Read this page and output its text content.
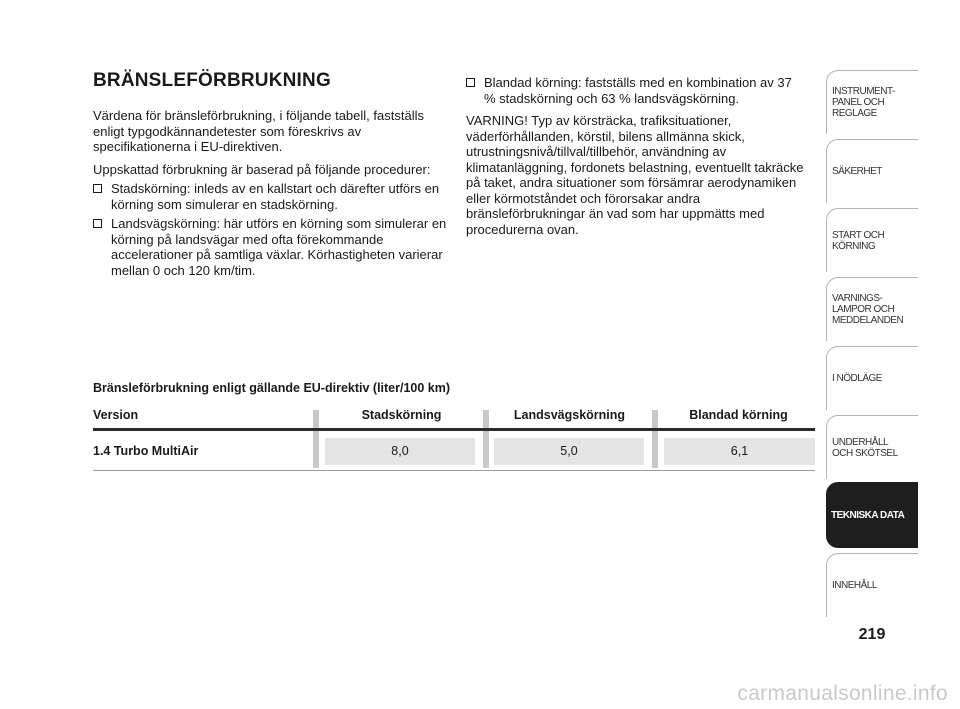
BRÄNSLEFÖRBRUKNING

Värdena för bränsleförbrukning, i följande tabell, fastställs enligt typgodkännandetester som föreskrivs av specifikationerna i EU-direktiven.

Uppskattad förbrukning är baserad på följande procedurer:

Stadskörning: inleds av en kallstart och därefter utförs en körning som simulerar en stadskörning.
Landsvägskörning: här utförs en körning som simulerar en körning på landsvägar med ofta förekommande accelerationer på samtliga växlar. Körhastigheten varierar mellan 0 och 120 km/tim.
Blandad körning: fastställs med en kombination av 37 % stadskörning och 63 % landsvägskörning.

VARNING! Typ av körsträcka, trafiksituationer, väderförhållanden, körstil, bilens allmänna skick, utrustningsnivå/tillval/tillbehör, användning av klimatanläggning, fordonets belastning, eventuellt takräcke på taket, andra situationer som försämrar aerodynamiken eller körmotståndet och förorsakar andra bränsleförbrukningar än vad som har uppmätts med procedurerna ovan.

Bränsleförbrukning enligt gällande EU-direktiv (liter/100 km)
Version	Stadskörning	Landsvägskörning	Blandad körning
1.4 Turbo MultiAir	8,0	5,0	6,1
INSTRUMENT-
PANEL OCH
REGLAGE
SÄKERHET
START OCH
KÖRNING
VARNINGS-
LAMPOR OCH
MEDDELANDEN
I NÖDLÄGE
UNDERHÅLL
OCH SKÖTSEL
TEKNISKA DATA
INNEHÅLL
219
carmanualsonline.info
